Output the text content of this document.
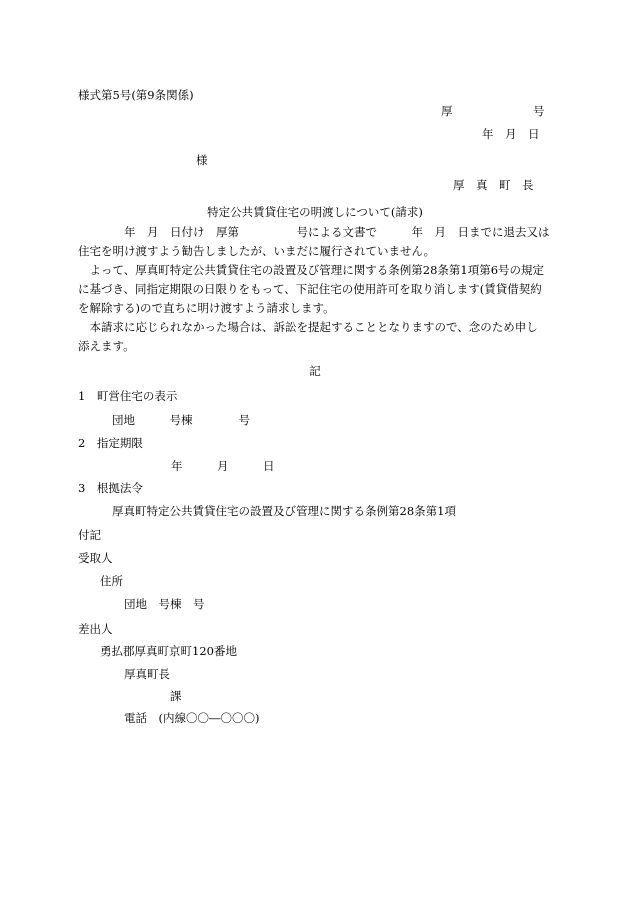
様式第5号(第9条関係)
厚　　　　　　　号
年　月　日
様
厚　真　町　長
特定公共賃貸住宅の明渡しについて(請求)
　　　　年　月　日付け　厚第　　　　　号による文書で　　　年　月　日までに退去又は
住宅を明け渡すよう勧告しましたが、いまだに履行されていません。
　よって、厚真町特定公共賃貸住宅の設置及び管理に関する条例第28条第1項第6号の規定
に基づき、同指定期限の日限りをもって、下記住宅の使用許可を取り消します(賃貸借契約
を解除する)ので直ちに明け渡すよう請求します。
　本請求に応じられなかった場合は、訴訟を提起することとなりますので、念のため申し
添えます。
記
1　町営住宅の表示
団地　　　号棟　　　　号
2　指定期限
年　　　月　　　日
3　根拠法令
厚真町特定公共賃貸住宅の設置及び管理に関する条例第28条第1項
付記
受取人
住所
団地　号棟　号
差出人
勇払郡厚真町京町120番地
厚真町長
課
電話　(内線〇〇―〇〇〇)
